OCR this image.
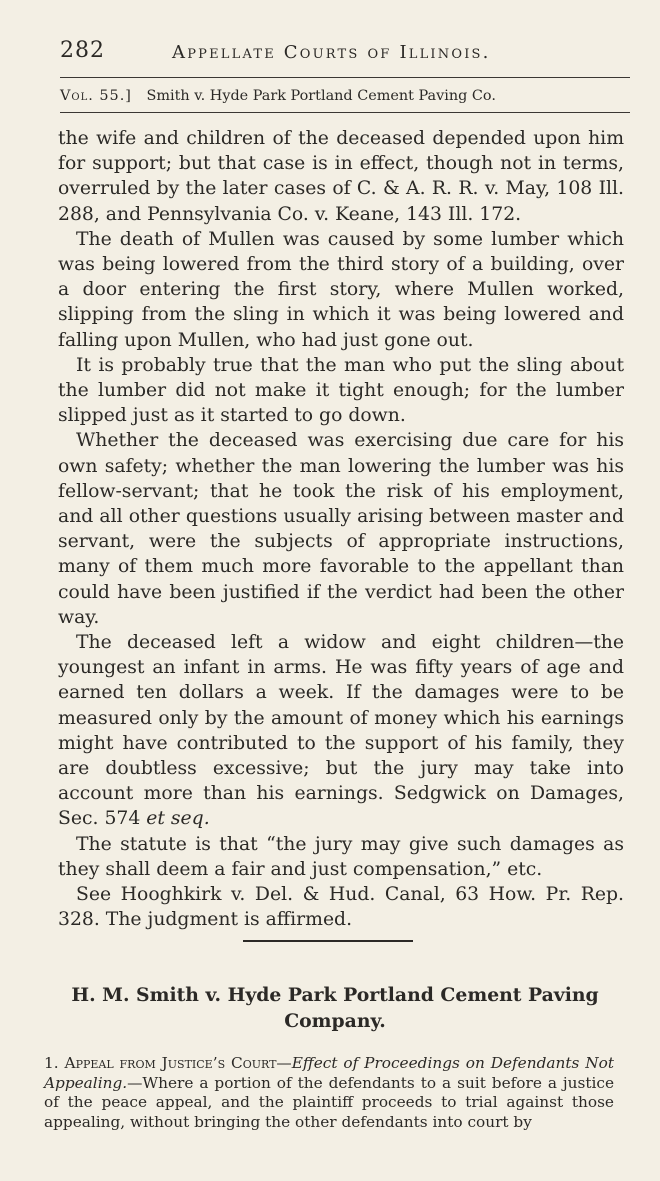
282	Appellate Courts of Illinois.
Vol. 55.] Smith v. Hyde Park Portland Cement Paving Co.

the wife and children of the deceased depended upon him for support; but that case is in effect, though not in terms, overruled by the later cases of C. & A. R. R. v. May, 108 Ill. 288, and Pennsylvania Co. v. Keane, 143 Ill. 172.

The death of Mullen was caused by some lumber which was being lowered from the third story of a building, over a door entering the first story, where Mullen worked, slipping from the sling in which it was being lowered and falling upon Mullen, who had just gone out.

It is probably true that the man who put the sling about the lumber did not make it tight enough; for the lumber slipped just as it started to go down.

Whether the deceased was exercising due care for his own safety; whether the man lowering the lumber was his fellow-servant; that he took the risk of his employment, and all other questions usually arising between master and servant, were the subjects of appropriate instructions, many of them much more favorable to the appellant than could have been justified if the verdict had been the other way.

The deceased left a widow and eight children—the youngest an infant in arms. He was fifty years of age and earned ten dollars a week. If the damages were to be measured only by the amount of money which his earnings might have contributed to the support of his family, they are doubtless excessive; but the jury may take into account more than his earnings. Sedgwick on Damages, Sec. 574 et seq.

The statute is that “the jury may give such damages as they shall deem a fair and just compensation,” etc.

See Hooghkirk v. Del. & Hud. Canal, 63 How. Pr. Rep. 328. The judgment is affirmed.

H. M. Smith v. Hyde Park Portland Cement Paving Company.
1. Appeal from Justice’s Court—Effect of Proceedings on Defendants Not Appealing.—Where a portion of the defendants to a suit before a justice of the peace appeal, and the plaintiff proceeds to trial against those appealing, without bringing the other defendants into court by
